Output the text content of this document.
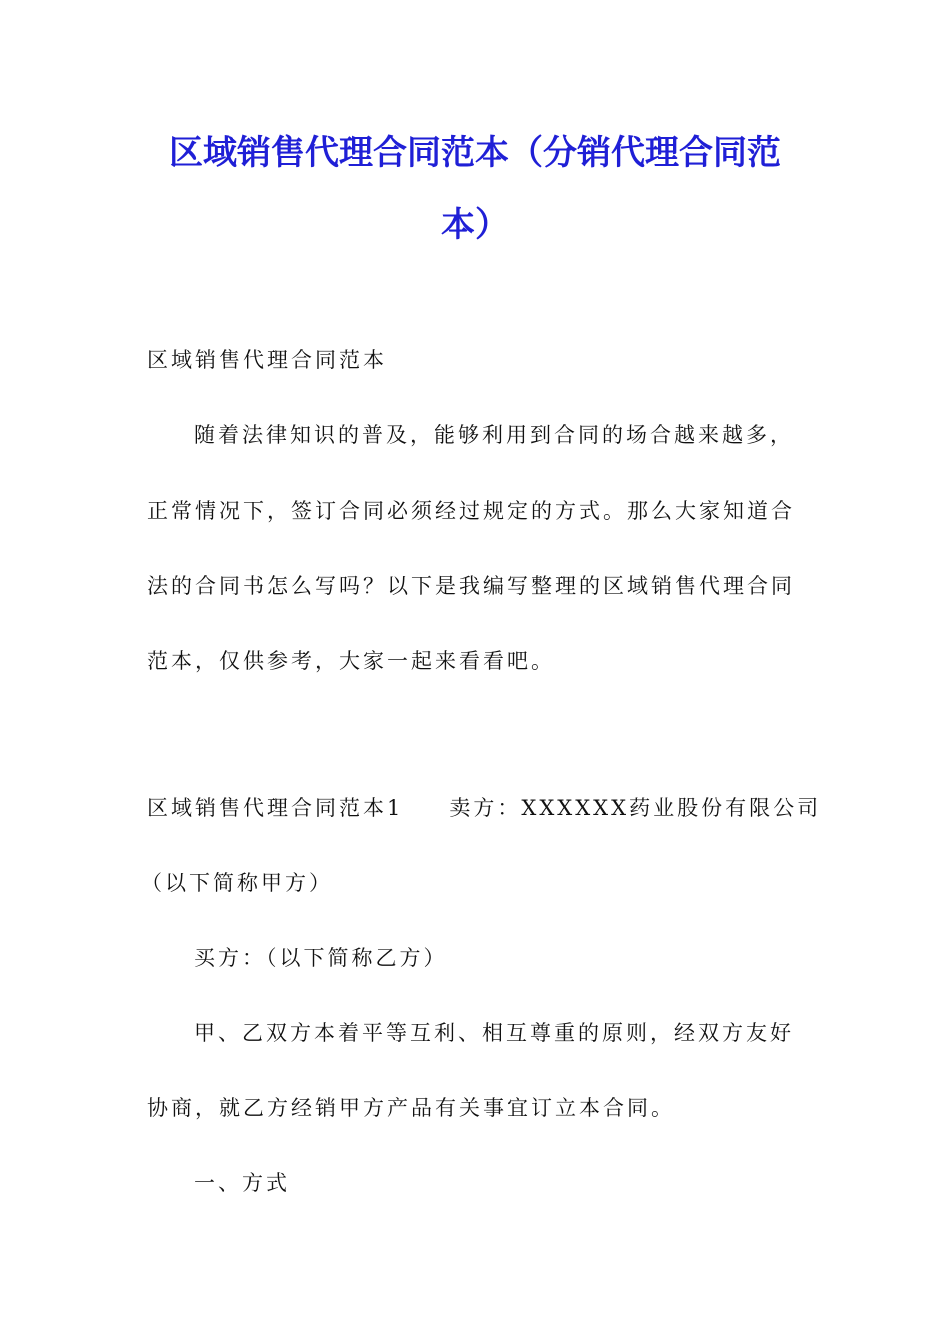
区域销售代理合同范本（分销代理合同范
本）
区域销售代理合同范本
随着法律知识的普及，能够利用到合同的场合越来越多，
正常情况下，签订合同必须经过规定的方式。那么大家知道合
法的合同书怎么写吗？以下是我编写整理的区域销售代理合同
范本，仅供参考，大家一起来看看吧。
区域销售代理合同范本1 卖方：XXXXXX药业股份有限公司
（以下简称甲方）
买方：（以下简称乙方）
甲、乙双方本着平等互利、相互尊重的原则，经双方友好
协商，就乙方经销甲方产品有关事宜订立本合同。
一、方式
